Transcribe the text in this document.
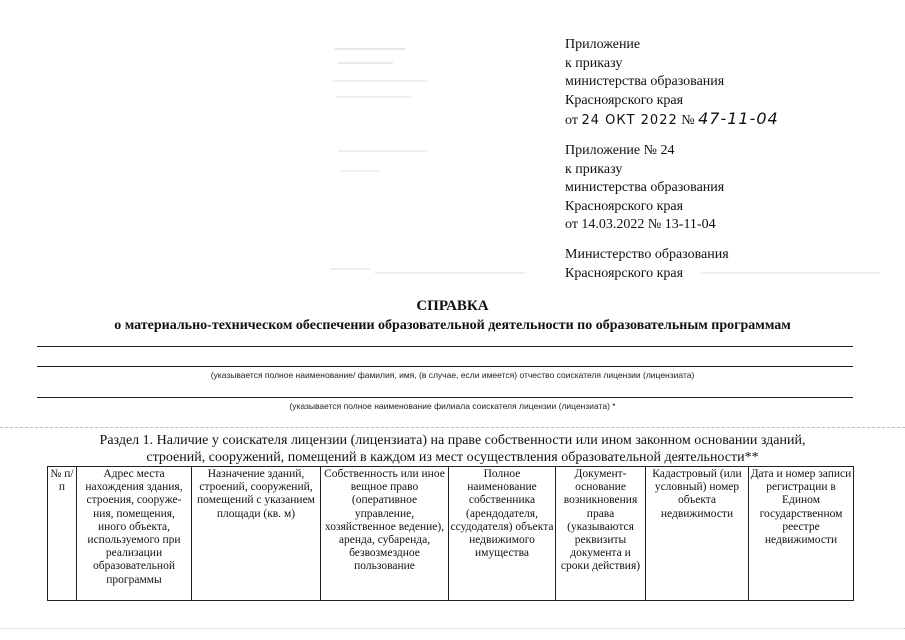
Приложение
к приказу
министерства образования
Красноярского края
от 24 ОКТ 2022 № 47-11-04
Приложение № 24
к приказу
министерства образования
Красноярского края
от 14.03.2022 № 13-11-04
Министерство образования
Красноярского края
СПРАВКА
о материально-техническом обеспечении образовательной деятельности по образовательным программам
(указывается полное наименование/ фамилия, имя, (в случае, если имеется) отчество соискателя лицензии (лицензиата)
(указывается полное наименование филиала соискателя лицензии (лицензиата) *
Раздел 1. Наличие у соискателя лицензии (лицензиата) на праве собственности или ином законном основании зданий,
строений, сооружений, помещений в каждом из мест осуществления образовательной деятельности**
№ п/п	Адрес места нахождения здания, строения, сооруже-ния, помещения, иного объекта, используемого при реализации образовательной программы	Назначение зданий, строений, сооружений, помещений с указанием площади (кв. м)	Собственность или иное вещное право (оперативное управление, хозяйственное ведение), аренда, субаренда, безвозмездное пользование	Полное наименование собственника (арендодателя, ссудодателя) объекта недвижимого имущества	Документ-основание возникновения права (указываются реквизиты документа и сроки действия)	Кадастровый (или условный) номер объекта недвижимости	Дата и номер записи регистрации в Едином государственном реестре недвижимости
